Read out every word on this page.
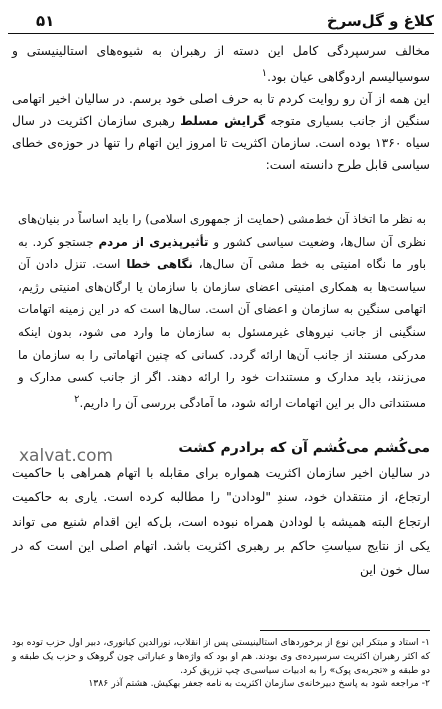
کلاغ و گل‌سرخ
۵۱

مخالف سرسپردگی کامل این دسته از رهبران به شیوه‌های استالینیستی و سوسیالیسم اردوگاهی عیان بود.$^۱$

این همه از آن رو روایت کردم تا به حرف اصلی خود برسم. در سالیان اخیر اتهامی سنگین از جانب بسیاری متوجه گرایش مسلط رهبری سازمان اکثریت در سال سیاه ۱۳۶۰ بوده است. سازمان اکثریت تا امروز این اتهام را تنها در حوزه‌ی خطای سیاسی قابل طرح دانسته است:

به نظر ما اتخاذ آن خط‌مشی (حمایت از جمهوری اسلامی) را باید اساساً در بنیان‌های نظری آن سال‌ها، وضعیت سیاسی کشور و تأثیرپذیری از مردم جستجو کرد. به باور ما نگاه امنیتی به خط مشی آن سال‌ها، نگاهی خطا است. تنزل دادن آن سیاست‌ها به همکاری امنیتی اعضای سازمان با سازمان یا ارگان‌های امنیتی رژیم، اتهامی سنگین به سازمان و اعضای آن است. سال‌ها است که در این زمینه اتهامات سنگینی از جانب نیروهای غیرمسئول به سازمان ما وارد می شود، بدون اینکه مدرکی مستند از جانب آن‌ها ارائه گردد. کسانی که چنین اتهاماتی را به سازمان ما می‌زنند، باید مدارک و مستندات خود را ارائه دهند. اگر از جانب کسی مدارک و مستنداتی دال بر این اتهامات ارائه شود، ما آمادگی بررسی آن را داریم.$^۲$
می‌کُشم می‌کُشم آن که برادرم کشت
xalvat.com
در سالیان اخیر سازمان اکثریت همواره برای مقابله با اتهام همراهی با حاکمیت ارتجاع، از منتقدان خود، سندِ "لودادن" را مطالبه کرده است. یاری به حاکمیت ارتجاع البته همیشه با لودادن همراه نبوده است، بل‌که این اقدام شنیع می تواند یکی از نتایج سیاستِ حاکم بر رهبری اکثریت باشد. اتهام اصلی این است که در سال خون این

۱- استاد و مبتکر این نوع از برخوردهای استالینیستی پس از انقلاب، نورالدین کیانوری، دبیر اول حزب توده بود که اکثر رهبران اکثریت سرسپرده‌ی وی بودند. هم او بود که واژه‌ها و عباراتی چون گروهک و حزب یک طبقه و دو طبقه و «تجربه‌ی پوک» را به ادبیات سیاسی‌ی چپ تزریق کرد.

۲- مراجعه شود به پاسخ دبیرخانه‌ی سازمان اکثریت به نامه جعفر بهکیش. هشتم آذر ۱۳۸۶
